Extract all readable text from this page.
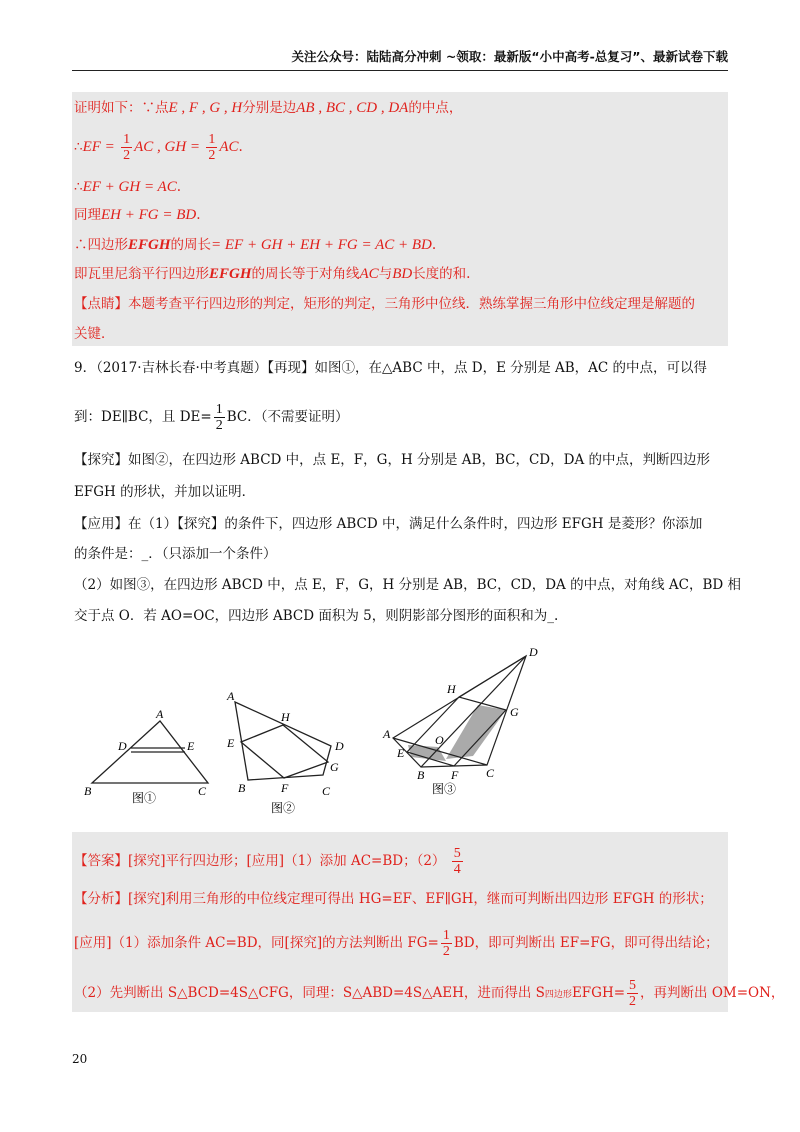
关注公众号：陆陆高分冲刺 ~领取：最新版“小中高考-总复习”、最新试卷下载
证明如下：∵点E , F , G , H分别是边AB , BC , CD , DA的中点，
∴EF = $\frac{1}{2}$ AC , GH = $\frac{1}{2}$ AC.
∴EF + GH = AC.
同理EH + FG = BD.
∴四边形EFGH的周长= EF + GH + EH + FG = AC + BD.
即瓦里尼翁平行四边形EFGH的周长等于对角线AC与BD长度的和.
【点睛】本题考查平行四边形的判定，矩形的判定，三角形中位线．熟练掌握三角形中位线定理是解题的
关键．
9．（2017·吉林长春·中考真题）【再现】如图①，在△ABC 中，点 D，E 分别是 AB，AC 的中点，可以得
到：DE∥BC，且 $DE= \frac{1}{2}$ BC．（不需要证明）
【探究】如图②，在四边形 ABCD 中，点 E，F，G，H 分别是 AB，BC，CD，DA 的中点，判断四边形
EFGH 的形状，并加以证明．
【应用】在（1）【探究】的条件下，四边形 ABCD 中，满足什么条件时，四边形 EFGH 是菱形？你添加
的条件是：_．（只添加一个条件）
（2）如图③，在四边形 ABCD 中，点 E，F，G，H 分别是 AB，BC，CD，DA 的中点，对角线 AC，BD 相
交于点 O．若 AO=OC，四边形 ABCD 面积为 5，则阴影部分图形的面积和为_.
A
D	E
B	C
图①
A
H
E	D
G
B	F	C
图②
D
H
G
A	O
E
B F C
图③
【答案】[探究]平行四边形；[应用]（1）添加 AC=BD；$(2) \frac{5}{4}$
【分析】[探究]利用三角形的中位线定理可得出 HG=EF、EF∥GH，继而可判断出四边形 EFGH 的形状；
[应用]（1）添加条件 AC=BD，同[探究]的方法判断出 $FG= \frac{1}{2}$ BD，即可判断出 EF=FG，即可得出结论；
（2）先判断出 S△BCD=4S△CFG，同理：S△ABD=4S△AEH，进而得出 S四边形EFGH= $\frac{5}{2}$ ，再判断出 OM=ON，
20
